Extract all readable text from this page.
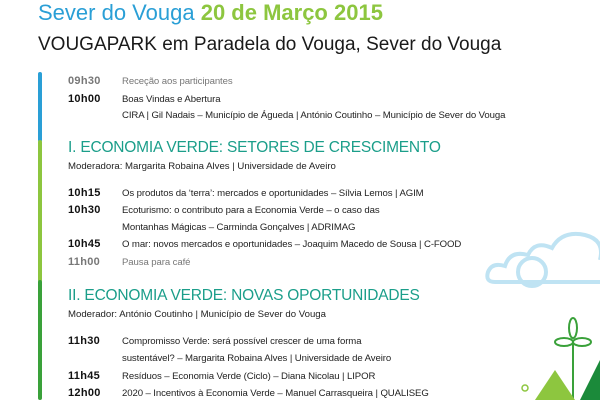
Sever do Vouga 20 de Março 2015
VOUGAPARK em Paradela do Vouga, Sever do Vouga
09h30 Receção aos participantes
10h00 Boas Vindas e Abertura
CIRA | Gil Nadais – Município de Águeda | António Coutinho – Município de Sever do Vouga
I. ECONOMIA VERDE: SETORES DE CRESCIMENTO
Moderadora: Margarita Robaina Alves | Universidade de Aveiro
10h15 Os produtos da ‘terra’: mercados e oportunidades – Sílvia Lemos | AGIM
10h30 Ecoturismo: o contributo para a Economia Verde – o caso das
Montanhas Mágicas – Carminda Gonçalves | ADRIMAG
10h45 O mar: novos mercados e oportunidades – Joaquim Macedo de Sousa | C-FOOD
11h00 Pausa para café
II. ECONOMIA VERDE: NOVAS OPORTUNIDADES
Moderador: António Coutinho | Município de Sever do Vouga
11h30 Compromisso Verde: será possível crescer de uma forma
sustentável? – Margarita Robaina Alves | Universidade de Aveiro
11h45 Resíduos – Economia Verde (Ciclo) – Diana Nicolau | LIPOR
12h00 2020 – Incentivos à Economia Verde – Manuel Carrasqueira | QUALISEG
